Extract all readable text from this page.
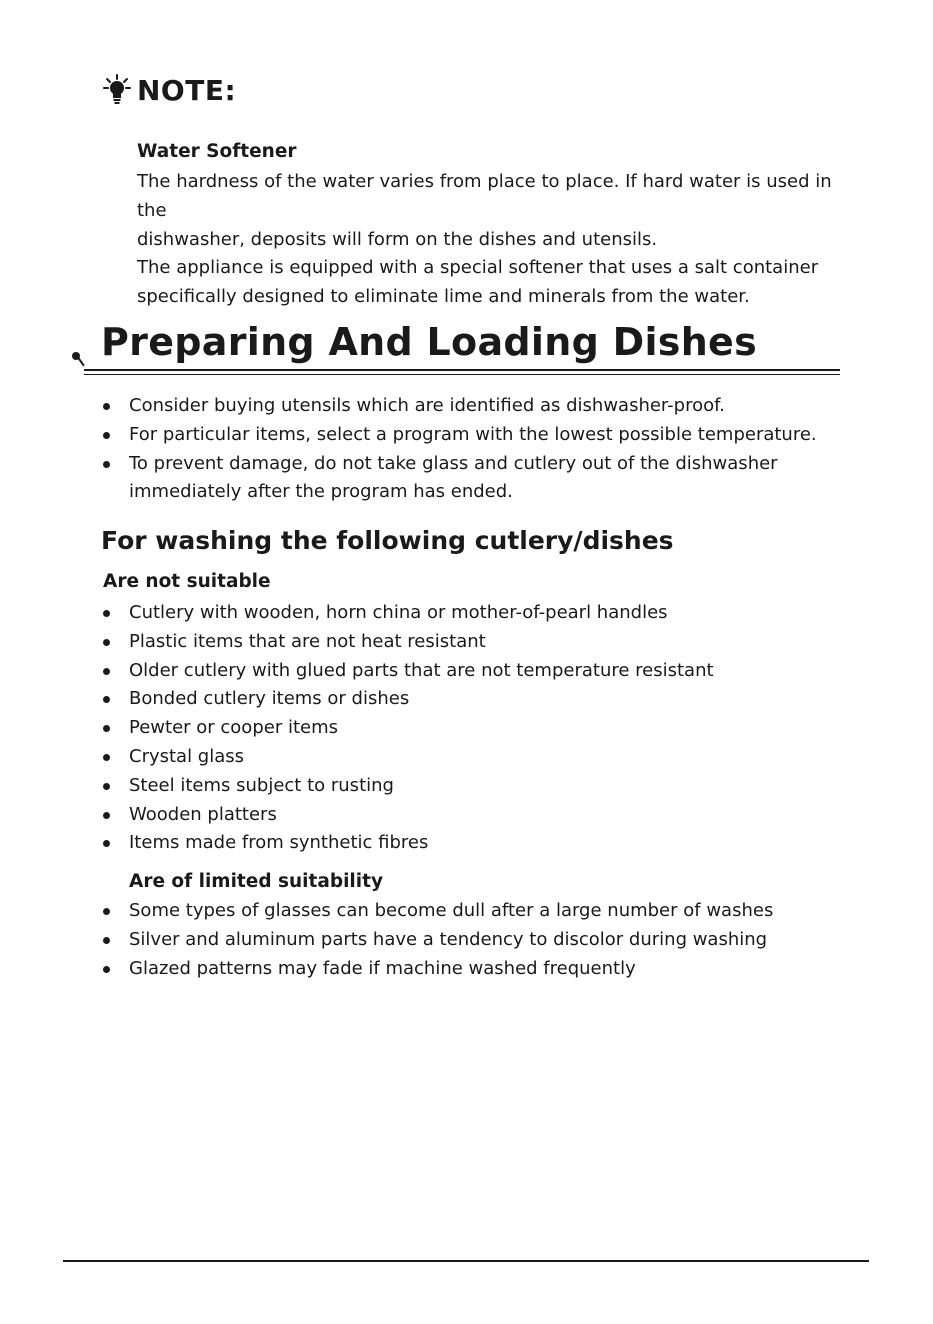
NOTE:
Water Softener
The hardness of the water varies from place to place. If hard water is used in the
dishwasher, deposits will form on the dishes and utensils.
The appliance is equipped with a special softener that uses a salt container
specifically designed to eliminate lime and minerals from the water.
Preparing And Loading Dishes
Consider buying utensils which are identified as dishwasher-proof.
For particular items, select a program with the lowest possible temperature.
To prevent damage, do not take glass and cutlery out of the dishwasher
immediately after the program has ended.
For washing the following cutlery/dishes
Are not suitable
Cutlery with wooden, horn china or mother-of-pearl handles
Plastic items that are not heat resistant
Older cutlery with glued parts that are not temperature resistant
Bonded cutlery items or dishes
Pewter or cooper items
Crystal glass
Steel items subject to rusting
Wooden platters
Items made from synthetic fibres
Are of limited suitability
Some types of glasses can become dull after a large number of washes
Silver and aluminum parts have a tendency to discolor during washing
Glazed patterns may fade if machine washed frequently
